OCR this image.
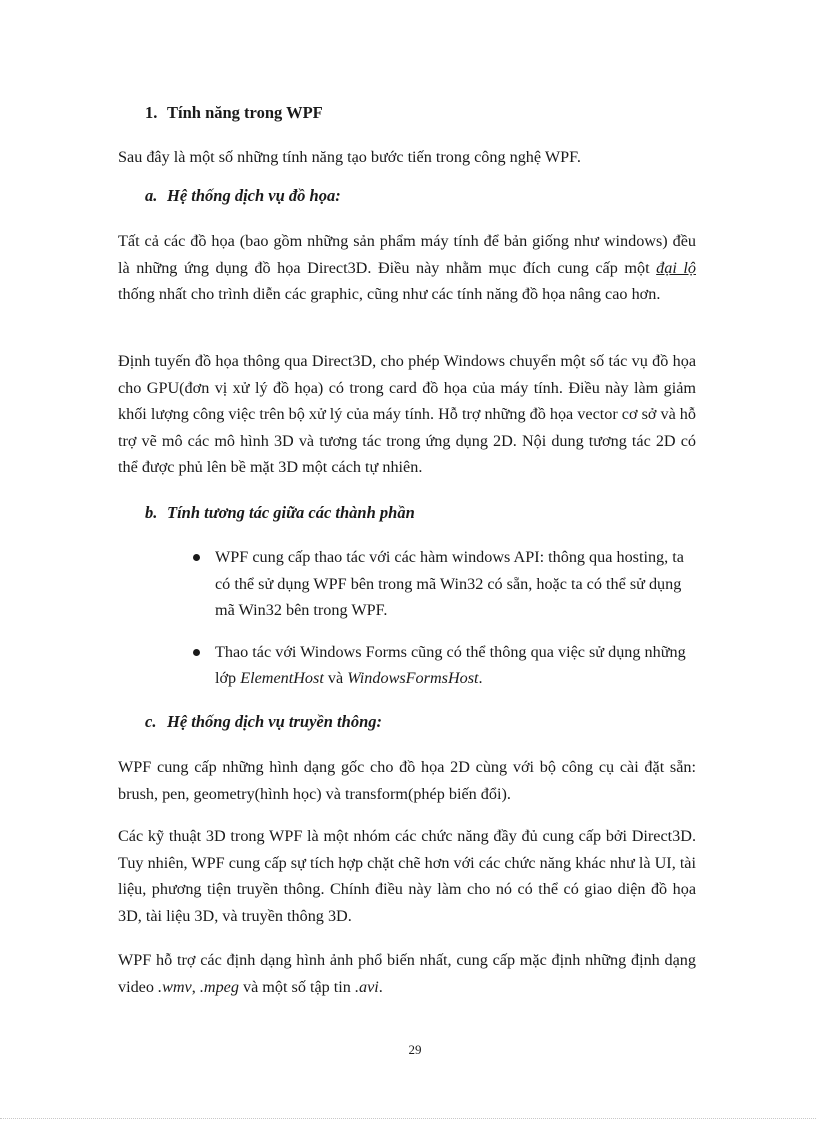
1. Tính năng trong WPF

Sau đây là một số những tính năng tạo bước tiến trong công nghệ WPF.

a. Hệ thống dịch vụ đồ họa:

Tất cả các đồ họa (bao gồm những sản phẩm máy tính để bản giống như windows) đều là những ứng dụng đồ họa Direct3D. Điều này nhằm mục đích cung cấp một đại lộ thống nhất cho trình diễn các graphic, cũng như các tính năng đồ họa nâng cao hơn.

Định tuyến đồ họa thông qua Direct3D, cho phép Windows chuyển một số tác vụ đồ họa cho GPU(đơn vị xử lý đồ họa) có trong card đồ họa của máy tính. Điều này làm giảm khối lượng công việc trên bộ xử lý của máy tính. Hỗ trợ những đồ họa vector cơ sở và hỗ trợ vẽ mô các mô hình 3D và tương tác trong ứng dụng 2D. Nội dung tương tác 2D có thể được phủ lên bề mặt 3D một cách tự nhiên.

b. Tính tương tác giữa các thành phần

WPF cung cấp thao tác với các hàm windows API: thông qua hosting, ta có thể sử dụng WPF bên trong mã Win32 có sẵn, hoặc ta có thể sử dụng mã Win32 bên trong WPF.
Thao tác với Windows Forms cũng có thể thông qua việc sử dụng những lớp ElementHost và WindowsFormsHost.

c. Hệ thống dịch vụ truyền thông:

WPF cung cấp những hình dạng gốc cho đồ họa 2D cùng với bộ công cụ cài đặt sẵn: brush, pen, geometry(hình học) và transform(phép biến đổi).

Các kỹ thuật 3D trong WPF là một nhóm các chức năng đầy đủ cung cấp bởi Direct3D. Tuy nhiên, WPF cung cấp sự tích hợp chặt chẽ hơn với các chức năng khác như là UI, tài liệu, phương tiện truyền thông. Chính điều này làm cho nó có thể có giao diện đồ họa 3D, tài liệu 3D, và truyền thông 3D.

WPF hỗ trợ các định dạng hình ảnh phổ biến nhất, cung cấp mặc định những định dạng video .wmv, .mpeg và một số tập tin .avi.

29
